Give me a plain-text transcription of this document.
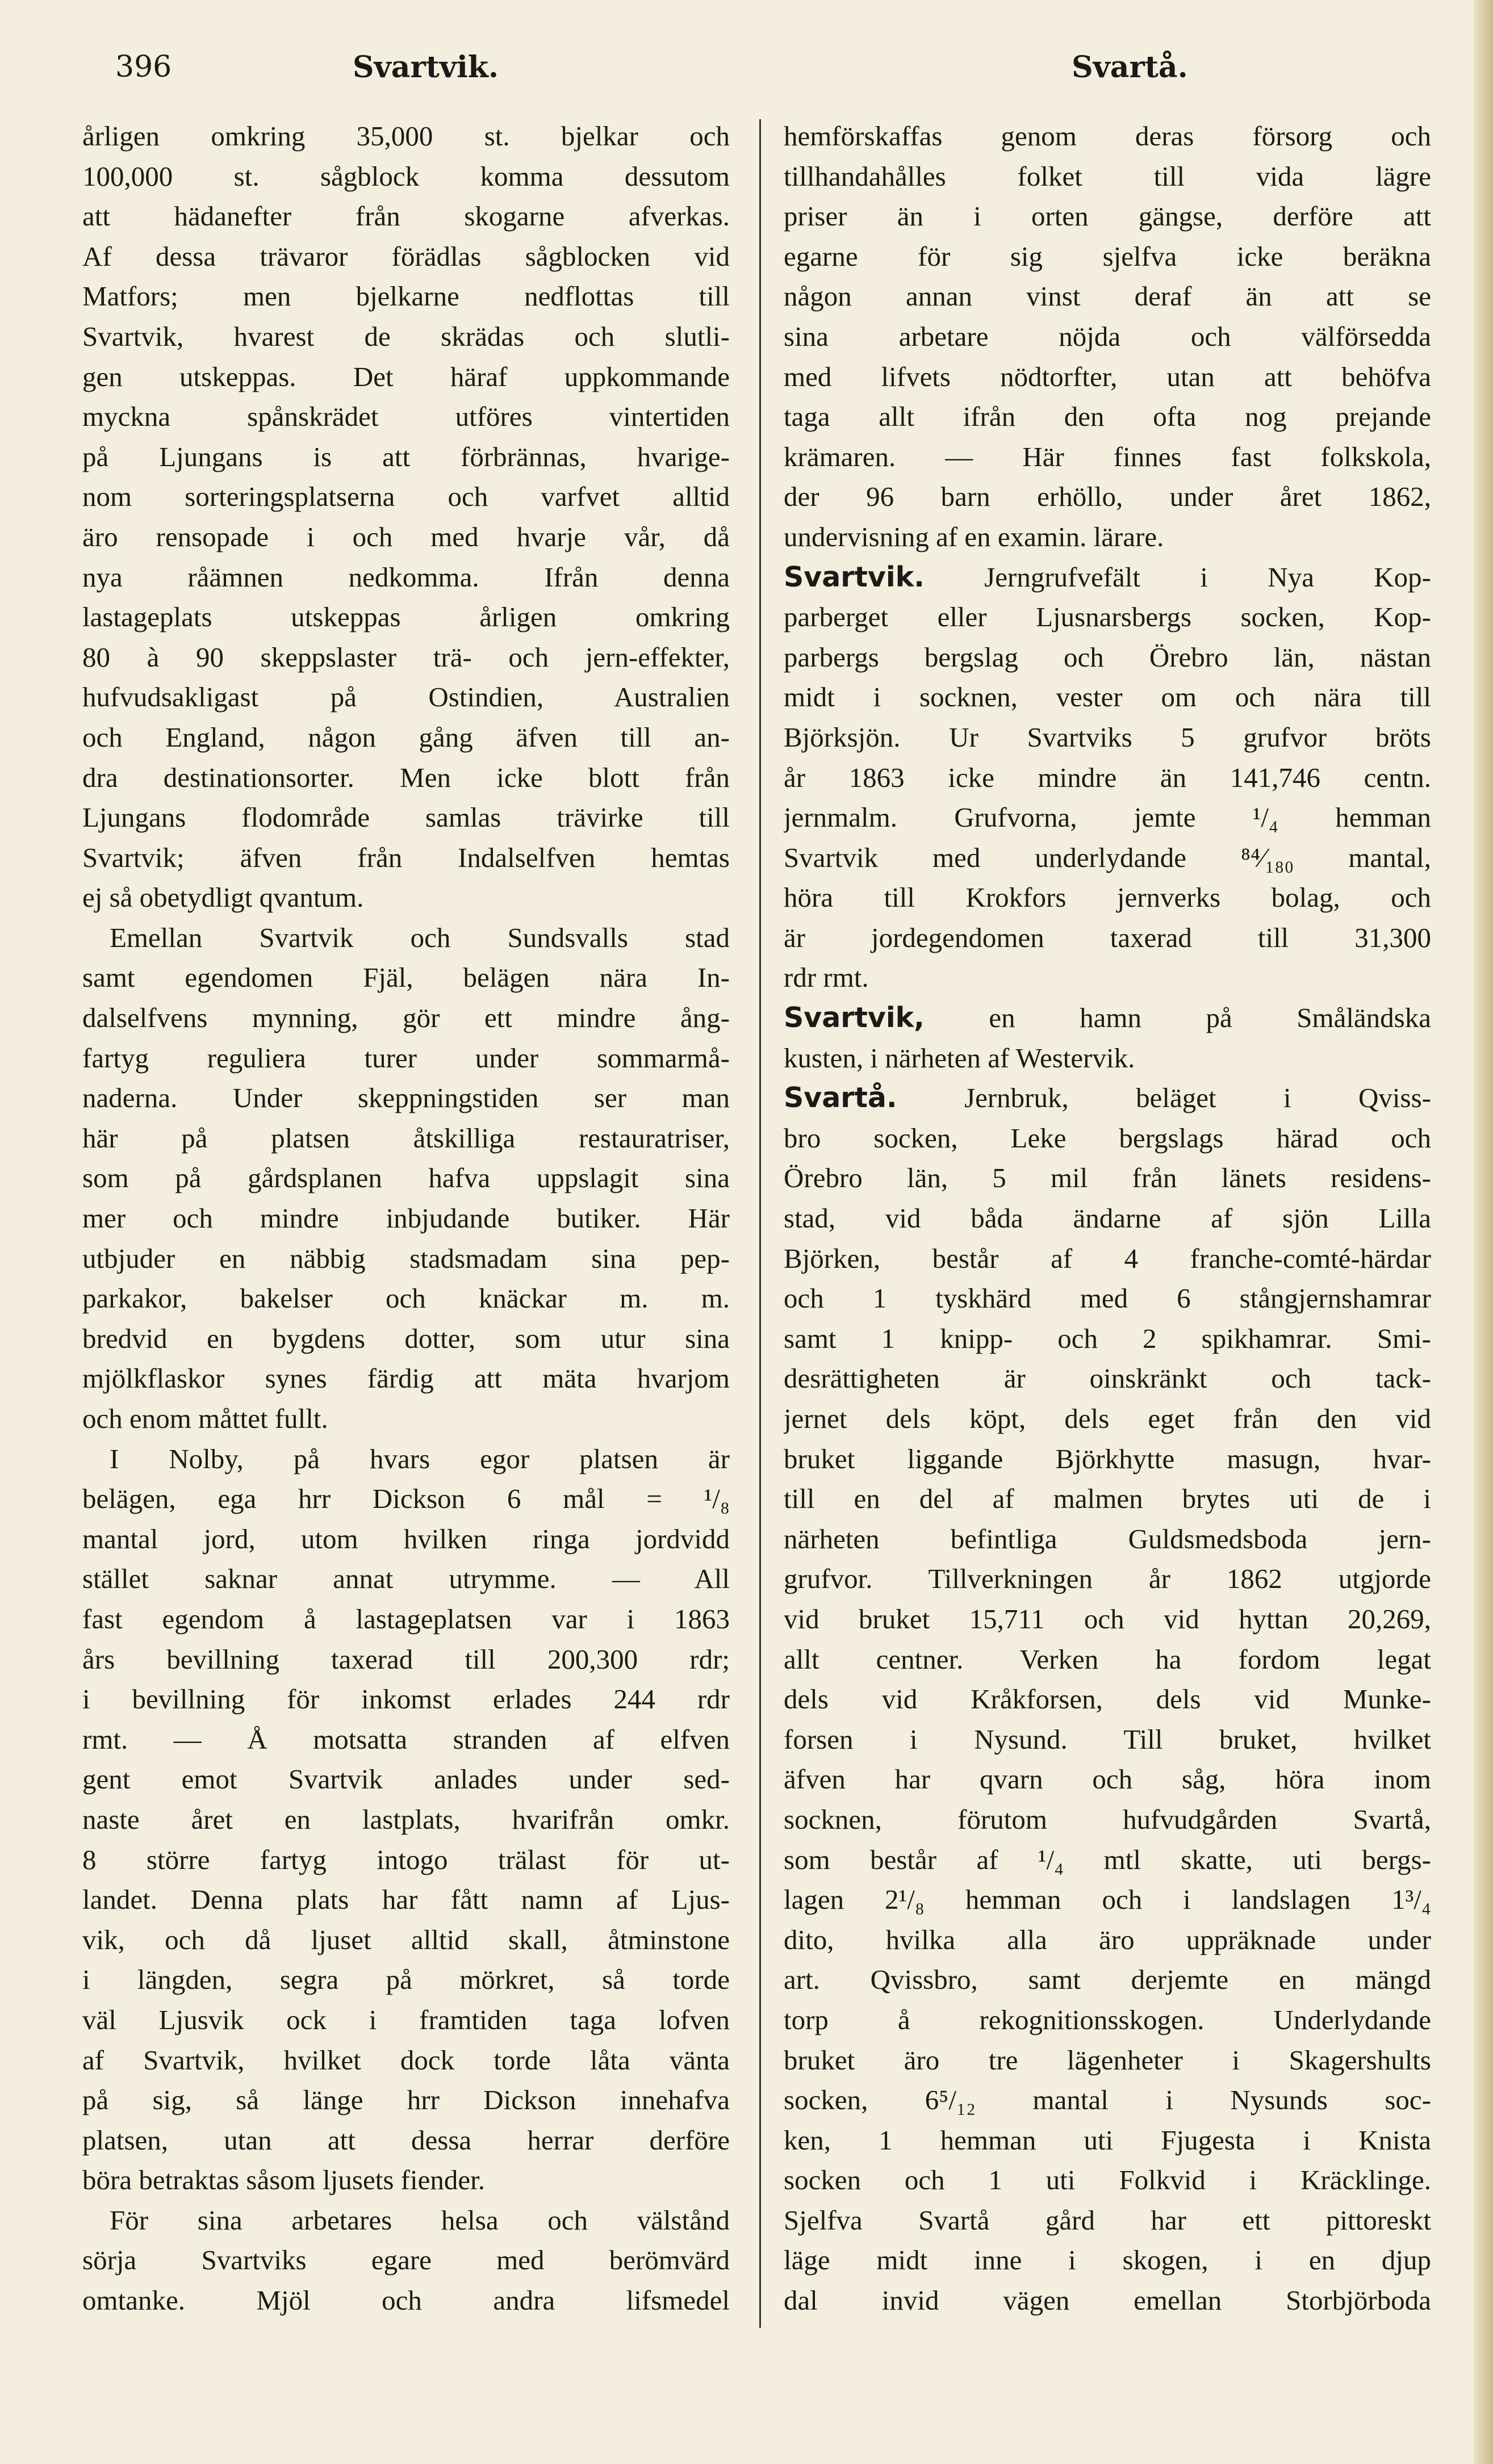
396	Svartvik.	Svartå.
årligen omkring 35,000 st. bjelkar och
100,000 st. sågblock komma dessutom
att hädanefter från skogarne afverkas.
Af dessa trävaror förädlas sågblocken vid
Matfors; men bjelkarne nedflottas till
Svartvik, hvarest de skrädas och slutli-
gen utskeppas. Det häraf uppkommande
myckna spånskrädet utföres vintertiden
på Ljungans is att förbrännas, hvarige-
nom sorteringsplatserna och varfvet alltid
äro rensopade i och med hvarje vår, då
nya råämnen nedkomma. Ifrån denna
lastageplats utskeppas årligen omkring
80 à 90 skeppslaster trä- och jern-effekter,
hufvudsakligast på Ostindien, Australien
och England, någon gång äfven till an-
dra destinationsorter. Men icke blott från
Ljungans flodområde samlas trävirke till
Svartvik; äfven från Indalselfven hemtas
ej så obetydligt qvantum.
Emellan Svartvik och Sundsvalls stad
samt egendomen Fjäl, belägen nära In-
dalselfvens mynning, gör ett mindre ång-
fartyg reguliera turer under sommarmå-
naderna. Under skeppningstiden ser man
här på platsen åtskilliga restauratriser,
som på gårdsplanen hafva uppslagit sina
mer och mindre inbjudande butiker. Här
utbjuder en näbbig stadsmadam sina pep-
parkakor, bakelser och knäckar m. m.
bredvid en bygdens dotter, som utur sina
mjölkflaskor synes färdig att mäta hvarjom
och enom måttet fullt.
I Nolby, på hvars egor platsen är
belägen, ega hrr Dickson 6 mål = ¹/₈
mantal jord, utom hvilken ringa jordvidd
stället saknar annat utrymme. — All
fast egendom å lastageplatsen var i 1863
års bevillning taxerad till 200,300 rdr;
i bevillning för inkomst erlades 244 rdr
rmt. — Å motsatta stranden af elfven
gent emot Svartvik anlades under sed-
naste året en lastplats, hvarifrån omkr.
8 större fartyg intogo trälast för ut-
landet. Denna plats har fått namn af Ljus-
vik, och då ljuset alltid skall, åtminstone
i längden, segra på mörkret, så torde
väl Ljusvik ock i framtiden taga lofven
af Svartvik, hvilket dock torde låta vänta
på sig, så länge hrr Dickson innehafva
platsen, utan att dessa herrar derföre
böra betraktas såsom ljusets fiender.
För sina arbetares helsa och välstånd
sörja Svartviks egare med berömvärd
omtanke. Mjöl och andra lifsmedel
hemförskaffas genom deras försorg och
tillhandahålles folket till vida lägre
priser än i orten gängse, derföre att
egarne för sig sjelfva icke beräkna
någon annan vinst deraf än att se
sina arbetare nöjda och välförsedda
med lifvets nödtorfter, utan att behöfva
taga allt ifrån den ofta nog prejande
krämaren. — Här finnes fast folkskola,
der 96 barn erhöllo, under året 1862,
undervisning af en examin. lärare.
Svartvik. Jerngrufvefält i Nya Kop-
parberget eller Ljusnarsbergs socken, Kop-
parbergs bergslag och Örebro län, nästan
midt i socknen, vester om och nära till
Björksjön. Ur Svartviks 5 grufvor bröts
år 1863 icke mindre än 141,746 centn.
jernmalm. Grufvorna, jemte ¹/₄ hemman
Svartvik med underlydande ⁸⁴⁄₁₈₀ mantal,
höra till Krokfors jernverks bolag, och
är jordegendomen taxerad till 31,300
rdr rmt.
Svartvik, en hamn på Småländska
kusten, i närheten af Westervik.
Svartå. Jernbruk, beläget i Qviss-
bro socken, Leke bergslags härad och
Örebro län, 5 mil från länets residens-
stad, vid båda ändarne af sjön Lilla
Björken, består af 4 franche-comté-härdar
och 1 tyskhärd med 6 stångjernshamrar
samt 1 knipp- och 2 spikhamrar. Smi-
desrättigheten är oinskränkt och tack-
jernet dels köpt, dels eget från den vid
bruket liggande Björkhytte masugn, hvar-
till en del af malmen brytes uti de i
närheten befintliga Guldsmedsboda jern-
grufvor. Tillverkningen år 1862 utgjorde
vid bruket 15,711 och vid hyttan 20,269,
allt centner. Verken ha fordom legat
dels vid Kråkforsen, dels vid Munke-
forsen i Nysund. Till bruket, hvilket
äfven har qvarn och såg, höra inom
socknen, förutom hufvudgården Svartå,
som består af ¹/₄ mtl skatte, uti bergs-
lagen 2¹/₈ hemman och i landslagen 1³/₄
dito, hvilka alla äro uppräknade under
art. Qvissbro, samt derjemte en mängd
torp å rekognitionsskogen. Underlydande
bruket äro tre lägenheter i Skagershults
socken, 6⁵/₁₂ mantal i Nysunds soc-
ken, 1 hemman uti Fjugesta i Knista
socken och 1 uti Folkvid i Kräcklinge.
Sjelfva Svartå gård har ett pittoreskt
läge midt inne i skogen, i en djup
dal invid vägen emellan Storbjörboda
